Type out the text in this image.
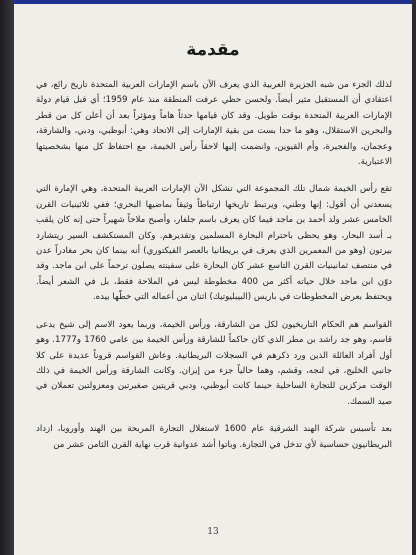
مقدمة

لذلك الجزء من شبه الجزيرة العربية الذي يعرف الآن باسم الإمارات العربية المتحدة تاريخ رائع، في اعتقادي أن المستقبل مثير أيضاً. ولحسن حظي عرفت المنطقة منذ عام 1959؛ أي قبل قيام دولة الإمارات العربية المتحدة بوقت طويل. وقد كان قيامها حدثاً هاماً ومؤثراً بعد أن أعلن كل من قطر والبحرين الاستقلال، وهو ما حدا بست من بقية الإمارات إلى الاتحاد وهي: أبوظبي، ودبي، والشارقة، وعجمان، والفجيرة، وأم القيوين، وانضمت إليها لاحقاً رأس الخيمة، مع احتفاظ كل منها بشخصيتها الاعتبارية.

تقع رأس الخيمة شمال تلك المجموعة التي تشكل الآن الإمارات العربية المتحدة، وهي الإمارة التي يسعدني أن أقول: إنها وطني، ويرتبط تاريخها ارتباطاً وثيقاً بماضيها البحري؛ ففي ثلاثينيات القرن الخامس عشر ولد أحمد بن ماجد فيما كان يعرف باسم جلفار، وأصبح ملاحاً شهيراً حتى إنه كان يلقب بـ أسد البحار، وهو يحظى باحترام البحارة المسلمين وتقديرهم. وكان المستكشف السير ريتشارد بيرتون (وهو من المعمرين الذي يعرف في بريطانيا بالعصر الفيكتوري) أنه بينما كان بحر مغادراً عدن في منتصف ثمانينيات القرن التاسع عشر كان البحارة على سفينته يصلون ترحماً على ابن ماجد. وقد دوّن ابن ماجد خلال حياته أكثر من 400 مخطوطة ليس في الملاحة فقط، بل في الشعر أيضاً. ويحتفظ بعرض المخطوطات في باريس (البيبليوتيك) اثنان من أعماله التي خطّها بيده.

القواسم هم الحكام التاريخيون لكل من الشارقة، ورأس الخيمة، وربما يعود الاسم إلى شيخ يدعى قاسم، وهو جد راشد بن مطر الذي كان حاكماً للشارقة ورأس الخيمة بين عامي 1760 و1777. وهو أول أفراد العائلة الذين ورد ذكرهم في السجلات البريطانية. وعاش القواسم قروناً عديدة على كلا جانبي الخليج، في لنجه، وقشم، وهما حالياً جزء من إيران. وكانت الشارقة ورأس الخيمة في ذلك الوقت مركزين للتجارة الساحلية حينما كانت أبوظبي، ودبي قريتين صغيرتين ومعزولتين تعملان في صيد السمك.

بعد تأسيس شركة الهند الشرقية عام 1600 لاستغلال التجارة المربحة بين الهند وأوروبا، ازداد البريطانيون حساسية لأي تدخل في التجارة. وباتوا أشد عدوانية قرب نهاية القرن الثامن عشر من

13
